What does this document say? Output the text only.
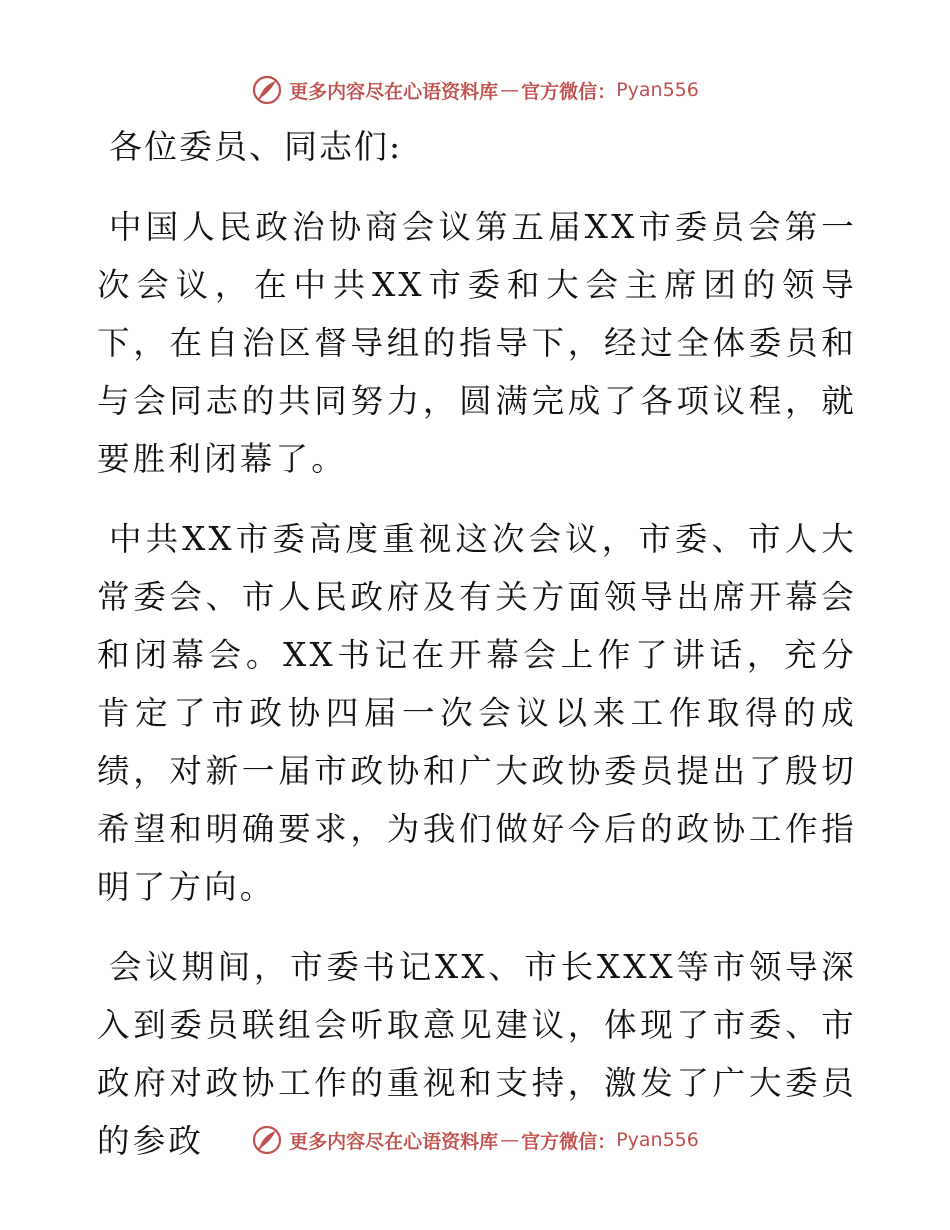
更多内容尽在心语资料库 — 官方微信： Pyan556

各位委员、同志们:

中国人民政治协商会议第五届XX市委员会第一次会议，在中共XX市委和大会主席团的领导下，在自治区督导组的指导下，经过全体委员和与会同志的共同努力，圆满完成了各项议程，就要胜利闭幕了。

中共XX市委高度重视这次会议，市委、市人大常委会、市人民政府及有关方面领导出席开幕会和闭幕会。XX书记在开幕会上作了讲话，充分肯定了市政协四届一次会议以来工作取得的成绩，对新一届市政协和广大政协委员提出了殷切希望和明确要求，为我们做好今后的政协工作指明了方向。

会议期间，市委书记XX、市长XXX等市领导深入到委员联组会听取意见建议，体现了市委、市政府对政协工作的重视和支持，激发了广大委员的参政	更多内容尽在心语资料库 — 官方微信： Pyan556
